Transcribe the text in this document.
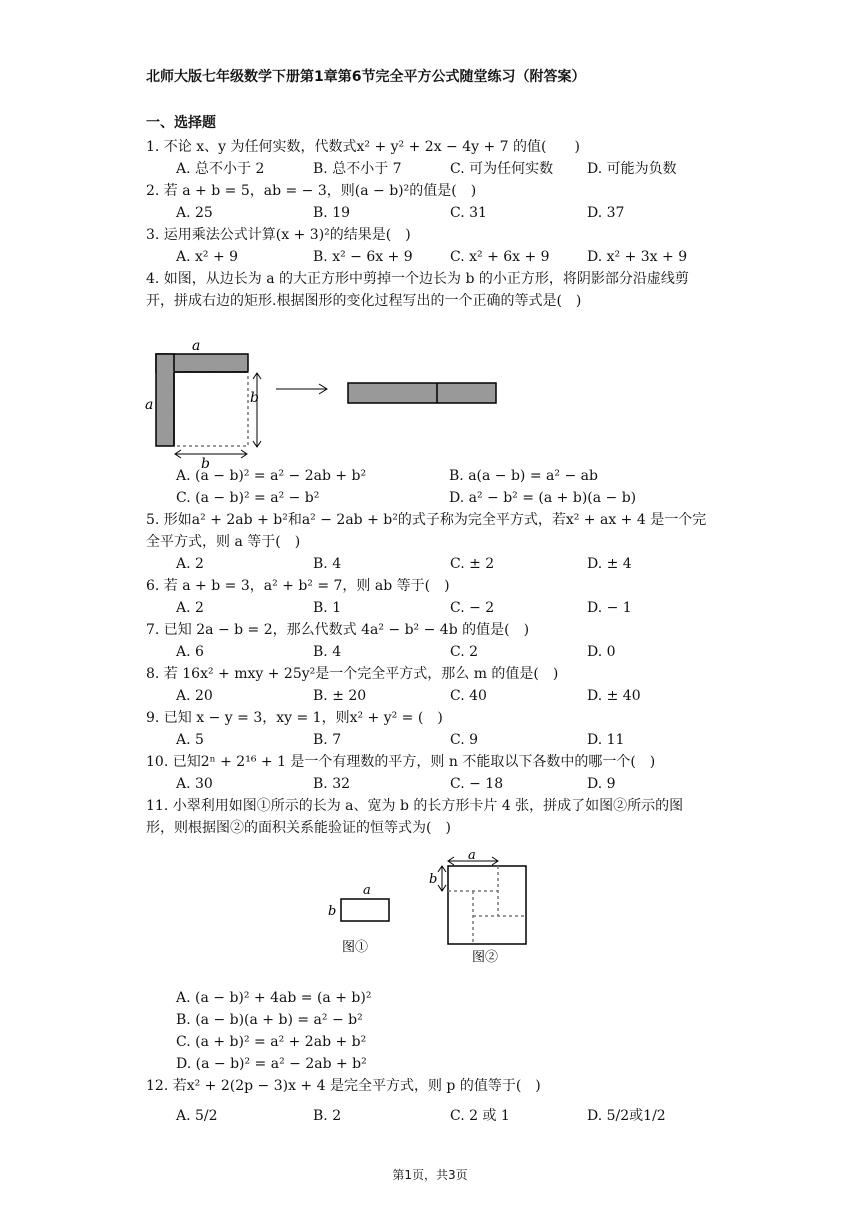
北师大版七年级数学下册第1章第6节完全平方公式随堂练习（附答案）
一、选择题

1. 不论 x、y 为任何实数，代数式x² + y² + 2x − 4y + 7 的值(　　)

A. 总不小于 2	B. 总不小于 7	C. 可为任何实数	D. 可能为负数

2. 若 a + b = 5，ab = − 3，则(a − b)²的值是(　)

A. 25	B. 19	C. 31	D. 37

3. 运用乘法公式计算(x + 3)²的结果是(　)

A. x² + 9	B. x² − 6x + 9	C. x² + 6x + 9	D. x² + 3x + 9

4. 如图，从边长为 a 的大正方形中剪掉一个边长为 b 的小正方形，将阴影部分沿虚线剪

开，拼成右边的矩形.根据图形的变化过程写出的一个正确的等式是(　)

a
a	b
b
A. (a − b)² = a² − 2ab + b²	B. a(a − b) = a² − ab
C. (a − b)² = a² − b²	D. a² − b² = (a + b)(a − b)

5. 形如a² + 2ab + b²和a² − 2ab + b²的式子称为完全平方式，若x² + ax + 4 是一个完

全平方式，则 a 等于(　)

A. 2	B. 4	C. ± 2	D. ± 4

6. 若 a + b = 3，a² + b² = 7，则 ab 等于(　)

A. 2	B. 1	C. − 2	D. − 1

7. 已知 2a − b = 2，那么代数式 4a² − b² − 4b 的值是(　)

A. 6	B. 4	C. 2	D. 0

8. 若 16x² + mxy + 25y²是一个完全平方式，那么 m 的值是(　)

A. 20	B. ± 20	C. 40	D. ± 40

9. 已知 x − y = 3，xy = 1，则x² + y² = (　)

A. 5	B. 7	C. 9	D. 11

10. 已知2ⁿ + 2¹⁶ + 1 是一个有理数的平方，则 n 不能取以下各数中的哪一个(　)

A. 30	B. 32	C. − 18	D. 9

11. 小翠利用如图①所示的长为 a、宽为 b 的长方形卡片 4 张，拼成了如图②所示的图

形，则根据图②的面积关系能验证的恒等式为(　)

a
b
图①
a
b
图②
A. (a − b)² + 4ab = (a + b)²
B. (a − b)(a + b) = a² − b²
C. (a + b)² = a² + 2ab + b²
D. (a − b)² = a² − 2ab + b²

12. 若x² + 2(2p − 3)x + 4 是完全平方式，则 p 的值等于(　)

A. 5/2	B. 2	C. 2 或 1	D. 5/2或1/2
第1页，共3页
